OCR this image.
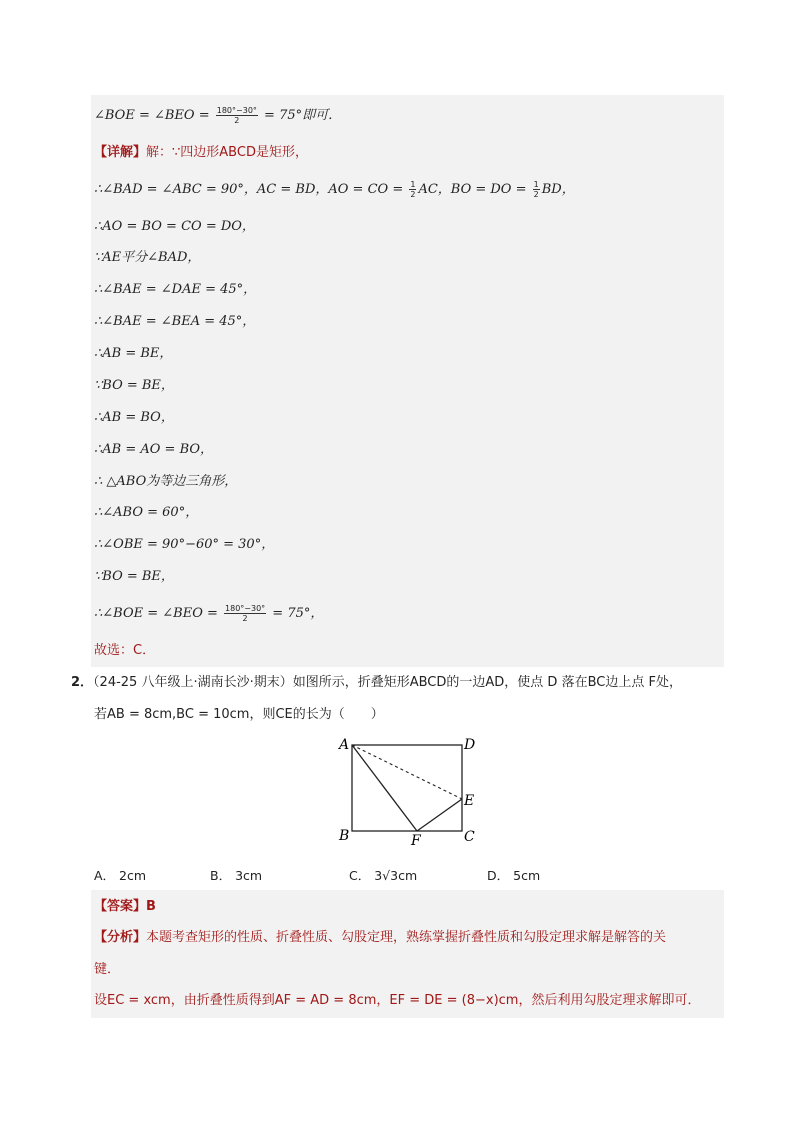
∠BOE = ∠BEO = $\frac{180^\circ-30^\circ}{2} = 75^\circ$即可．
【详解】解：∵四边形ABCD是矩形，
∴∠BAD = ∠ABC = 90°，AC = BD，AO = CO = $\frac{1}{2}$ AC，BO = DO = $\frac{1}{2}$ BD，
∴AO = BO = CO = DO，
∵AE平分∠BAD，
∴∠BAE = ∠DAE = 45°，
∴∠BAE = ∠BEA = 45°，
∴AB = BE，
∵BO = BE，
∴AB = BO，
∴AB = AO = BO，
∴ △ABO为等边三角形，
∴∠ABO = 60°，
∴∠OBE = 90°−60° = 30°，
∵BO = BE，
∴∠BOE = ∠BEO = $\frac{180^\circ-30^\circ}{2} = 75^\circ$，
故选：C．
2．（24-25 八年级上·湖南长沙·期末）如图所示，折叠矩形ABCD的一边AD，使点 D 落在BC边上点 F处，
若AB = 8cm,BC = 10cm，则CE的长为（　　）
A	D
E
B	F	C
A． 2cm	B． 3cm	C． 3√3cm	D． 5cm
【答案】B
【分析】本题考查矩形的性质、折叠性质、勾股定理，熟练掌握折叠性质和勾股定理求解是解答的关
键．
设EC = xcm，由折叠性质得到AF = AD = 8cm，EF = DE = (8−x)cm，然后利用勾股定理求解即可．
